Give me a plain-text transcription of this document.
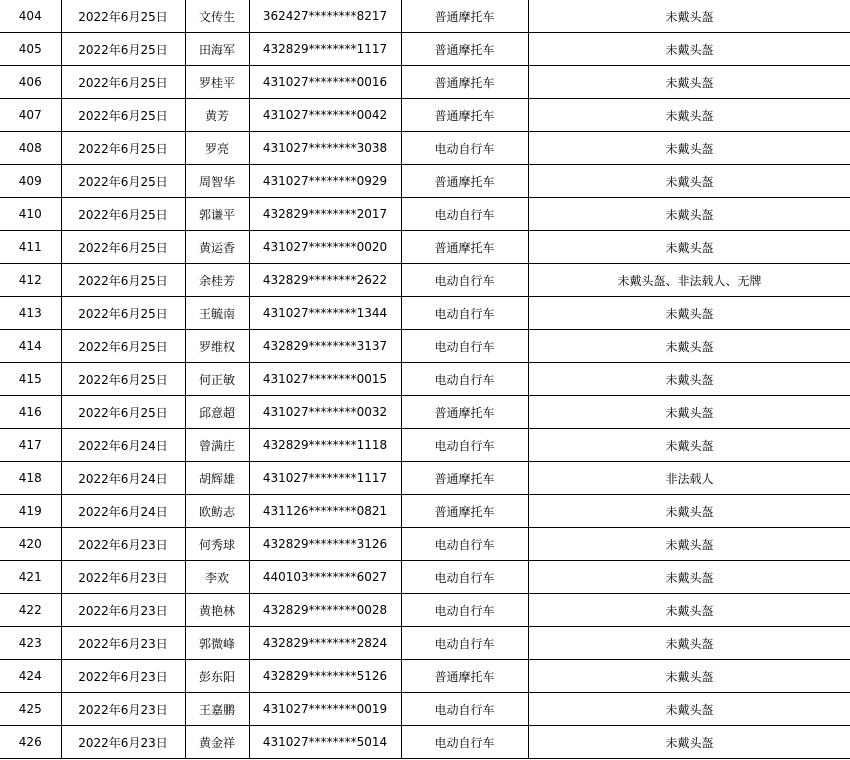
404	2022年6月25日	文传生	362427********8217	普通摩托车	未戴头盔
405	2022年6月25日	田海军	432829********1117	普通摩托车	未戴头盔
406	2022年6月25日	罗桂平	431027********0016	普通摩托车	未戴头盔
407	2022年6月25日	黄芳	431027********0042	普通摩托车	未戴头盔
408	2022年6月25日	罗亮	431027********3038	电动自行车	未戴头盔
409	2022年6月25日	周智华	431027********0929	普通摩托车	未戴头盔
410	2022年6月25日	郭谦平	432829********2017	电动自行车	未戴头盔
411	2022年6月25日	黄运香	431027********0020	普通摩托车	未戴头盔
412	2022年6月25日	余桂芳	432829********2622	电动自行车	未戴头盔、非法载人、无牌
413	2022年6月25日	王毓南	431027********1344	电动自行车	未戴头盔
414	2022年6月25日	罗维权	432829********3137	电动自行车	未戴头盔
415	2022年6月25日	何正敏	431027********0015	电动自行车	未戴头盔
416	2022年6月25日	邱意超	431027********0032	普通摩托车	未戴头盔
417	2022年6月24日	曾满庄	432829********1118	电动自行车	未戴头盔
418	2022年6月24日	胡辉雄	431027********1117	普通摩托车	非法载人
419	2022年6月24日	欧鲂志	431126********0821	普通摩托车	未戴头盔
420	2022年6月23日	何秀球	432829********3126	电动自行车	未戴头盔
421	2022年6月23日	李欢	440103********6027	电动自行车	未戴头盔
422	2022年6月23日	黄艳林	432829********0028	电动自行车	未戴头盔
423	2022年6月23日	郭微峰	432829********2824	电动自行车	未戴头盔
424	2022年6月23日	彭东阳	432829********5126	普通摩托车	未戴头盔
425	2022年6月23日	王嘉鹏	431027********0019	电动自行车	未戴头盔
426	2022年6月23日	黄金祥	431027********5014	电动自行车	未戴头盔
